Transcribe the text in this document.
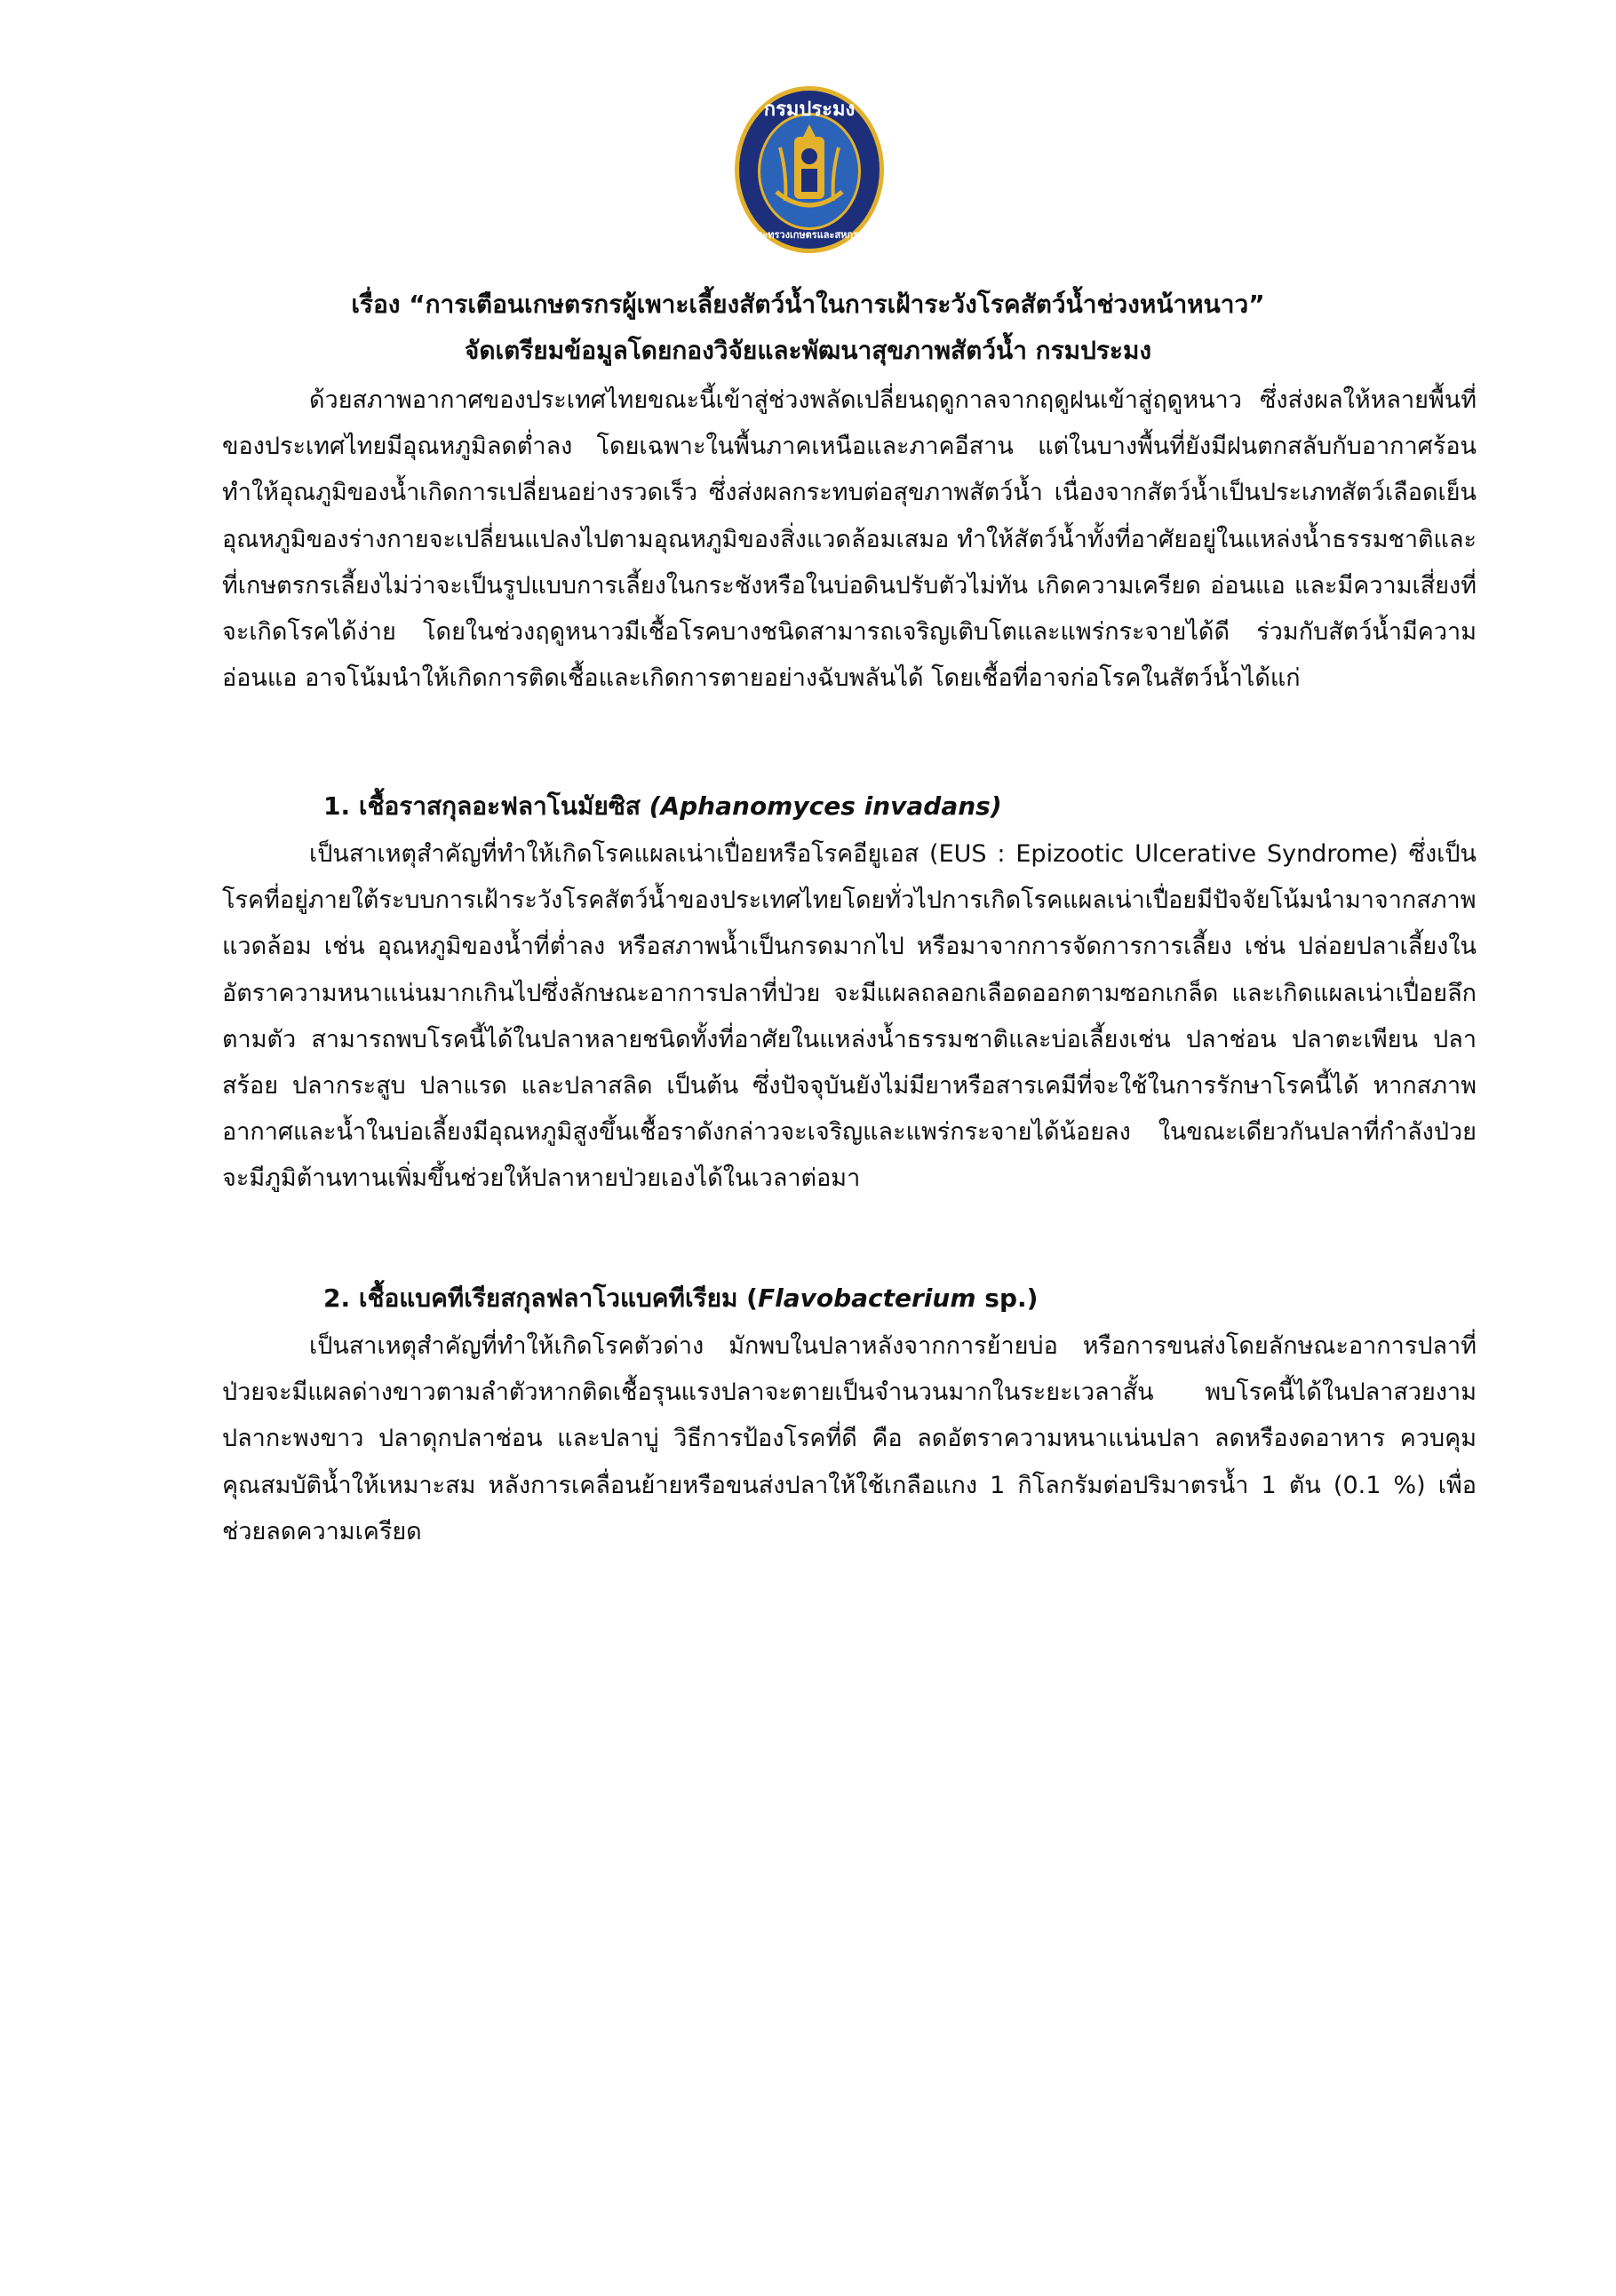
กรมประมง
กระทรวงเกษตรและสหกรณ์
เรื่อง “การเตือนเกษตรกรผู้เพาะเลี้ยงสัตว์น้ำในการเฝ้าระวังโรคสัตว์น้ำช่วงหน้าหนาว”
จัดเตรียมข้อมูลโดยกองวิจัยและพัฒนาสุขภาพสัตว์น้ำ กรมประมง

ด้วยสภาพอากาศของประเทศไทยขณะนี้เข้าสู่ช่วงพลัดเปลี่ยนฤดูกาลจากฤดูฝนเข้าสู่ฤดูหนาว ซึ่งส่งผลให้หลายพื้นที่ของประเทศไทยมีอุณหภูมิลดต่ำลง โดยเฉพาะในพื้นภาคเหนือและภาคอีสาน แต่ในบางพื้นที่ยังมีฝนตกสลับกับอากาศร้อน ทำให้อุณภูมิของน้ำเกิดการเปลี่ยนอย่างรวดเร็ว ซึ่งส่งผลกระทบต่อสุขภาพสัตว์น้ำ เนื่องจากสัตว์น้ำเป็นประเภทสัตว์เลือดเย็น อุณหภูมิของร่างกายจะเปลี่ยนแปลงไปตามอุณหภูมิของสิ่งแวดล้อมเสมอ ทำให้สัตว์น้ำทั้งที่อาศัยอยู่ในแหล่งน้ำธรรมชาติและที่เกษตรกรเลี้ยงไม่ว่าจะเป็นรูปแบบการเลี้ยงในกระชังหรือในบ่อดินปรับตัวไม่ทัน เกิดความเครียด อ่อนแอ และมีความเสี่ยงที่จะเกิดโรคได้ง่าย โดยในช่วงฤดูหนาวมีเชื้อโรคบางชนิดสามารถเจริญเติบโตและแพร่กระจายได้ดี ร่วมกับสัตว์น้ำมีความอ่อนแอ อาจโน้มนำให้เกิดการติดเชื้อและเกิดการตายอย่างฉับพลันได้ โดยเชื้อที่อาจก่อโรคในสัตว์น้ำได้แก่

1. เชื้อราสกุลอะฟลาโนมัยซิส (Aphanomyces invadans)

เป็นสาเหตุสำคัญที่ทำให้เกิดโรคแผลเน่าเปื่อยหรือโรคอียูเอส (EUS : Epizootic Ulcerative Syndrome) ซึ่งเป็นโรคที่อยู่ภายใต้ระบบการเฝ้าระวังโรคสัตว์น้ำของประเทศไทยโดยทั่วไปการเกิดโรคแผลเน่าเปื่อยมีปัจจัยโน้มนำมาจากสภาพแวดล้อม เช่น อุณหภูมิของน้ำที่ต่ำลง หรือสภาพน้ำเป็นกรดมากไป หรือมาจากการจัดการการเลี้ยง เช่น ปล่อยปลาเลี้ยงในอัตราความหนาแน่นมากเกินไปซึ่งลักษณะอาการปลาที่ป่วย จะมีแผลถลอกเลือดออกตามซอกเกล็ด และเกิดแผลเน่าเปื่อยลึกตามตัว สามารถพบโรคนี้ได้ในปลาหลายชนิดทั้งที่อาศัยในแหล่งน้ำธรรมชาติและบ่อเลี้ยงเช่น ปลาช่อน ปลาตะเพียน ปลาสร้อย ปลากระสูบ ปลาแรด และปลาสลิด เป็นต้น ซึ่งปัจจุบันยังไม่มียาหรือสารเคมีที่จะใช้ในการรักษาโรคนี้ได้ หากสภาพอากาศและน้ำในบ่อเลี้ยงมีอุณหภูมิสูงขึ้นเชื้อราดังกล่าวจะเจริญและแพร่กระจายได้น้อยลง ในขณะเดียวกันปลาที่กำลังป่วยจะมีภูมิต้านทานเพิ่มขึ้นช่วยให้ปลาหายป่วยเองได้ในเวลาต่อมา

2. เชื้อแบคทีเรียสกุลฟลาโวแบคทีเรียม (Flavobacterium sp.)

เป็นสาเหตุสำคัญที่ทำให้เกิดโรคตัวด่าง มักพบในปลาหลังจากการย้ายบ่อ หรือการขนส่งโดยลักษณะอาการปลาที่ป่วยจะมีแผลด่างขาวตามลำตัวหากติดเชื้อรุนแรงปลาจะตายเป็นจำนวนมากในระยะเวลาสั้น พบโรคนี้ได้ในปลาสวยงาม ปลากะพงขาว ปลาดุกปลาช่อน และปลาบู่ วิธีการป้องโรคที่ดี คือ ลดอัตราความหนาแน่นปลา ลดหรืองดอาหาร ควบคุมคุณสมบัติน้ำให้เหมาะสม หลังการเคลื่อนย้ายหรือขนส่งปลาให้ใช้เกลือแกง 1 กิโลกรัมต่อปริมาตรน้ำ 1 ตัน (0.1 %) เพื่อช่วยลดความเครียด
